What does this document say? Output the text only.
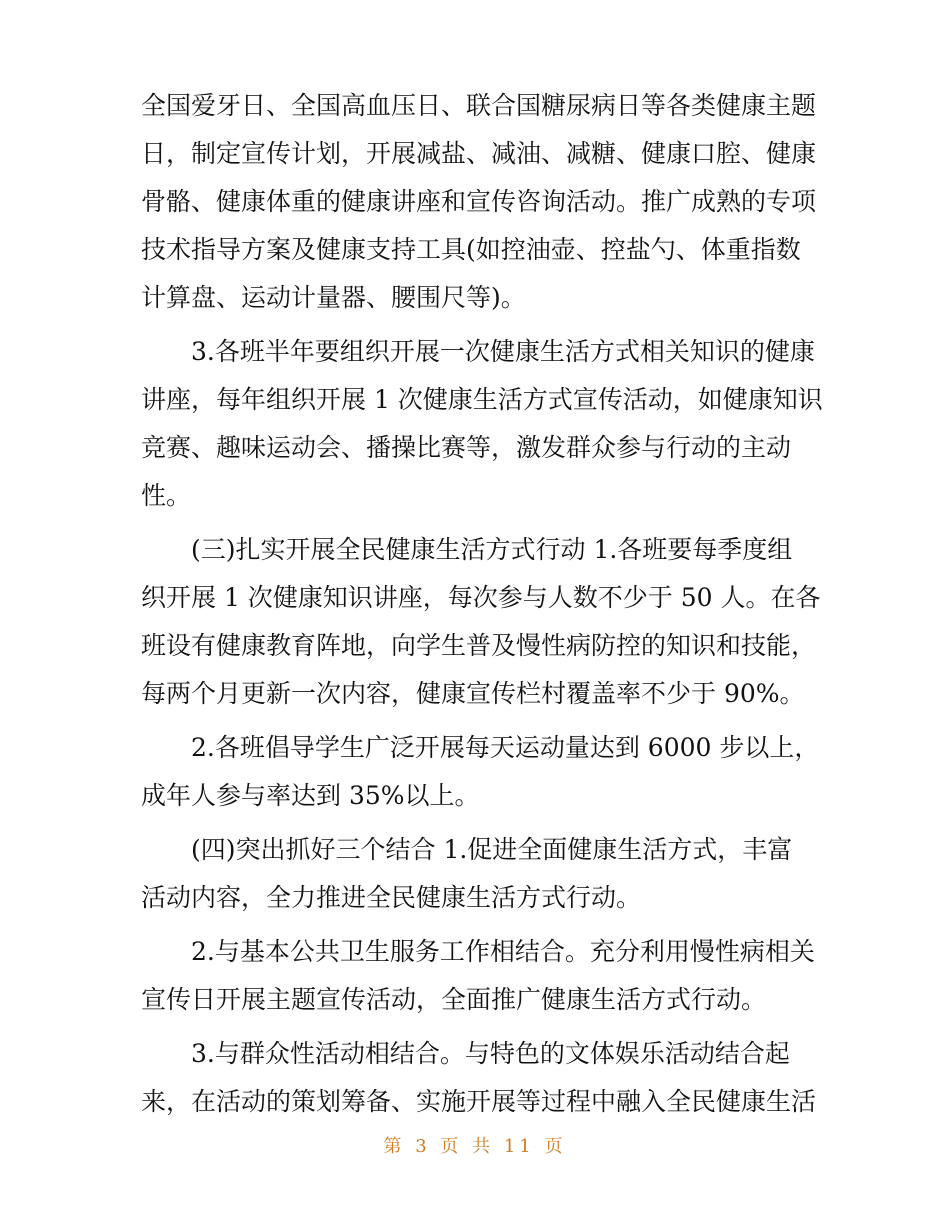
全国爱牙日、全国高血压日、联合国糖尿病日等各类健康主题
日，制定宣传计划，开展减盐、减油、减糖、健康口腔、健康
骨骼、健康体重的健康讲座和宣传咨询活动。推广成熟的专项
技术指导方案及健康支持工具(如控油壶、控盐勺、体重指数
计算盘、运动计量器、腰围尺等)。
3.各班半年要组织开展一次健康生活方式相关知识的健康
讲座，每年组织开展 1 次健康生活方式宣传活动，如健康知识
竞赛、趣味运动会、播操比赛等，激发群众参与行动的主动
性。
(三)扎实开展全民健康生活方式行动 1.各班要每季度组
织开展 1 次健康知识讲座，每次参与人数不少于 50 人。在各
班设有健康教育阵地，向学生普及慢性病防控的知识和技能，
每两个月更新一次内容，健康宣传栏村覆盖率不少于 90%。
2.各班倡导学生广泛开展每天运动量达到 6000 步以上，
成年人参与率达到 35%以上。
(四)突出抓好三个结合 1.促进全面健康生活方式，丰富
活动内容，全力推进全民健康生活方式行动。
2.与基本公共卫生服务工作相结合。充分利用慢性病相关
宣传日开展主题宣传活动，全面推广健康生活方式行动。
3.与群众性活动相结合。与特色的文体娱乐活动结合起
来，在活动的策划筹备、实施开展等过程中融入全民健康生活
第 3 页 共 11 页
